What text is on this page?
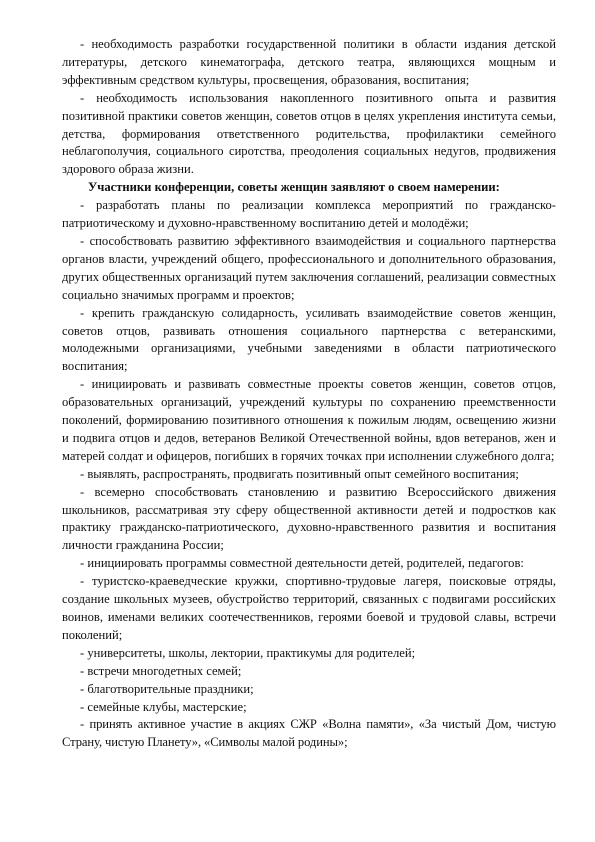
- необходимость разработки государственной политики в области издания детской литературы, детского кинематографа, детского театра, являющихся мощным и эффективным средством культуры, просвещения, образования, воспитания;

- необходимость использования накопленного позитивного опыта и развития позитивной практики советов женщин, советов отцов в целях укрепления института семьи, детства, формирования ответственного родительства, профилактики семейного неблагополучия, социального сиротства, преодоления социальных недугов, продвижения здорового образа жизни.

Участники конференции, советы женщин заявляют о своем намерении:

- разработать планы по реализации комплекса мероприятий по гражданско-патриотическому и духовно-нравственному воспитанию детей и молодёжи;

- способствовать развитию эффективного взаимодействия и социального партнерства органов власти, учреждений общего, профессионального и дополнительного образования, других общественных организаций путем заключения соглашений, реализации совместных социально значимых программ и проектов;

- крепить гражданскую солидарность, усиливать взаимодействие советов женщин, советов отцов, развивать отношения социального партнерства с ветеранскими, молодежными организациями, учебными заведениями в области патриотического воспитания;

- инициировать и развивать совместные проекты советов женщин, советов отцов, образовательных организаций, учреждений культуры по сохранению преемственности поколений, формированию позитивного отношения к пожилым людям, освещению жизни и подвига отцов и дедов, ветеранов Великой Отечественной войны, вдов ветеранов, жен и матерей солдат и офицеров, погибших в горячих точках при исполнении служебного долга;

- выявлять, распространять, продвигать позитивный опыт семейного воспитания;

- всемерно способствовать становлению и развитию Всероссийского движения школьников, рассматривая эту сферу общественной активности детей и подростков как практику гражданско-патриотического, духовно-нравственного развития и воспитания личности гражданина России;

- инициировать программы совместной деятельности детей, родителей, педагогов:

- туристско-краеведческие кружки, спортивно-трудовые лагеря, поисковые отряды, создание школьных музеев, обустройство территорий, связанных с подвигами российских воинов, именами великих соотечественников, героями боевой и трудовой славы, встречи поколений;

- университеты, школы, лектории, практикумы для родителей;

- встречи многодетных семей;

- благотворительные праздники;

- семейные клубы, мастерские;

- принять активное участие в акциях СЖР «Волна памяти», «За чистый Дом, чистую Страну, чистую Планету», «Символы малой родины»;
